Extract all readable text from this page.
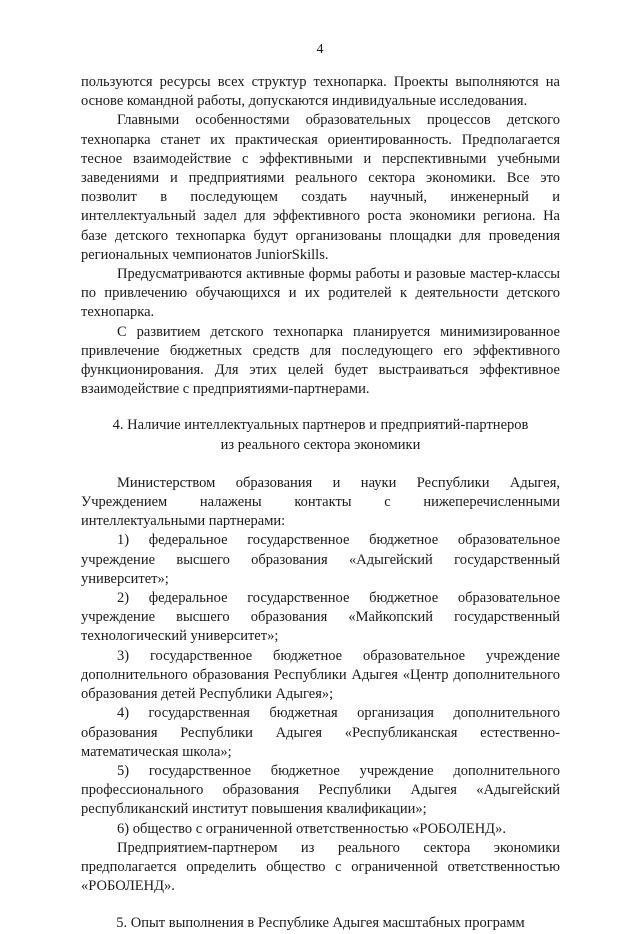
4

пользуются ресурсы всех структур технопарка. Проекты выполняются на основе командной работы, допускаются индивидуальные исследования.

Главными особенностями образовательных процессов детского технопарка станет их практическая ориентированность. Предполагается тесное взаимодействие с эффективными и перспективными учебными заведениями и предприятиями реального сектора экономики. Все это позволит в последующем создать научный, инженерный и интеллектуальный задел для эффективного роста экономики региона. На базе детского технопарка будут организованы площадки для проведения региональных чемпионатов JuniorSkills.

Предусматриваются активные формы работы и разовые мастер-классы по привлечению обучающихся и их родителей к деятельности детского технопарка.

С развитием детского технопарка планируется минимизированное привлечение бюджетных средств для последующего его эффективного функционирования. Для этих целей будет выстраиваться эффективное взаимодействие с предприятиями-партнерами.

4. Наличие интеллектуальных партнеров и предприятий-партнеров
из реального сектора экономики

Министерством образования и науки Республики Адыгея, Учреждением налажены контакты с нижеперечисленными интеллектуальными партнерами:

1) федеральное государственное бюджетное образовательное учреждение высшего образования «Адыгейский государственный университет»;

2) федеральное государственное бюджетное образовательное учреждение высшего образования «Майкопский государственный технологический университет»;

3) государственное бюджетное образовательное учреждение дополнительного образования Республики Адыгея «Центр дополнительного образования детей Республики Адыгея»;

4) государственная бюджетная организация дополнительного образования Республики Адыгея «Республиканская естественно-математическая школа»;

5) государственное бюджетное учреждение дополнительного профессионального образования Республики Адыгея «Адыгейский республиканский институт повышения квалификации»;

6) общество с ограниченной ответственностью «РОБОЛЕНД».

Предприятием-партнером из реального сектора экономики предполагается определить общество с ограниченной ответственностью «РОБОЛЕНД».

5. Опыт выполнения в Республике Адыгея масштабных программ
